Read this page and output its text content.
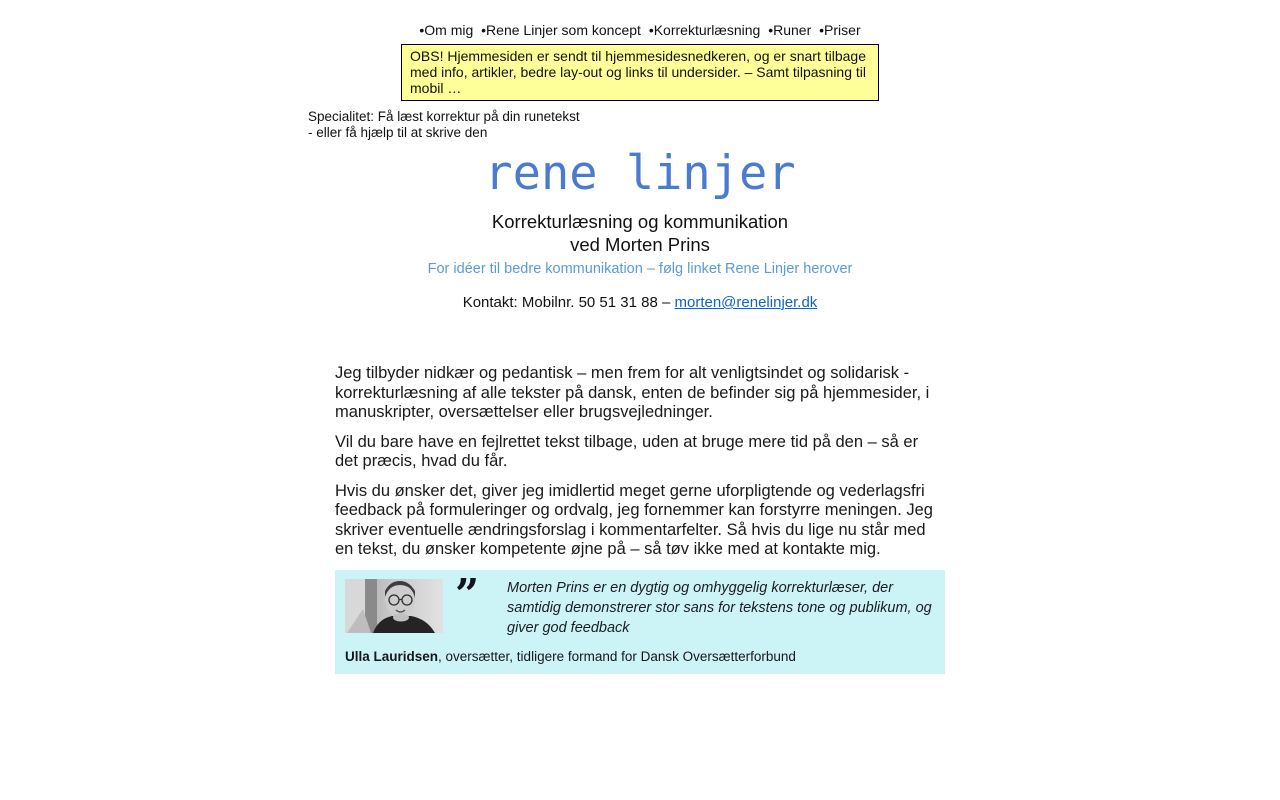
•Om mig •Rene Linjer som koncept •Korrekturlæsning •Runer •Priser
OBS! Hjemmesiden er sendt til hjemmesidesnedkeren, og er snart tilbage med info, artikler, bedre lay-out og links til undersider. – Samt tilpasning til mobil …
Specialitet: Få læst korrektur på din runetekst
- eller få hjælp til at skrive den
rene linjer
Korrekturlæsning og kommunikation
ved Morten Prins
For idéer til bedre kommunikation – følg linket Rene Linjer herover
Kontakt: Mobilnr. 50 51 31 88 – morten@renelinjer.dk

Jeg tilbyder nidkær og pedantisk – men frem for alt venligtsindet og solidarisk - korrekturlæsning af alle tekster på dansk, enten de befinder sig på hjemmesider, i manuskripter, oversættelser eller brugsvejledninger.

Vil du bare have en fejlrettet tekst tilbage, uden at bruge mere tid på den – så er det præcis, hvad du får.

Hvis du ønsker det, giver jeg imidlertid meget gerne uforpligtende og vederlagsfri feedback på formuleringer og ordvalg, jeg fornemmer kan forstyrre meningen. Jeg skriver eventuelle ændringsforslag i kommentarfelter. Så hvis du lige nu står med en tekst, du ønsker kompetente øjne på – så tøv ikke med at kontakte mig.

” Morten Prins er en dygtig og omhyggelig korrekturlæser, der samtidig demonstrerer stor sans for tekstens tone og publikum, og giver god feedback
Ulla Lauridsen, oversætter, tidligere formand for Dansk Oversætterforbund
